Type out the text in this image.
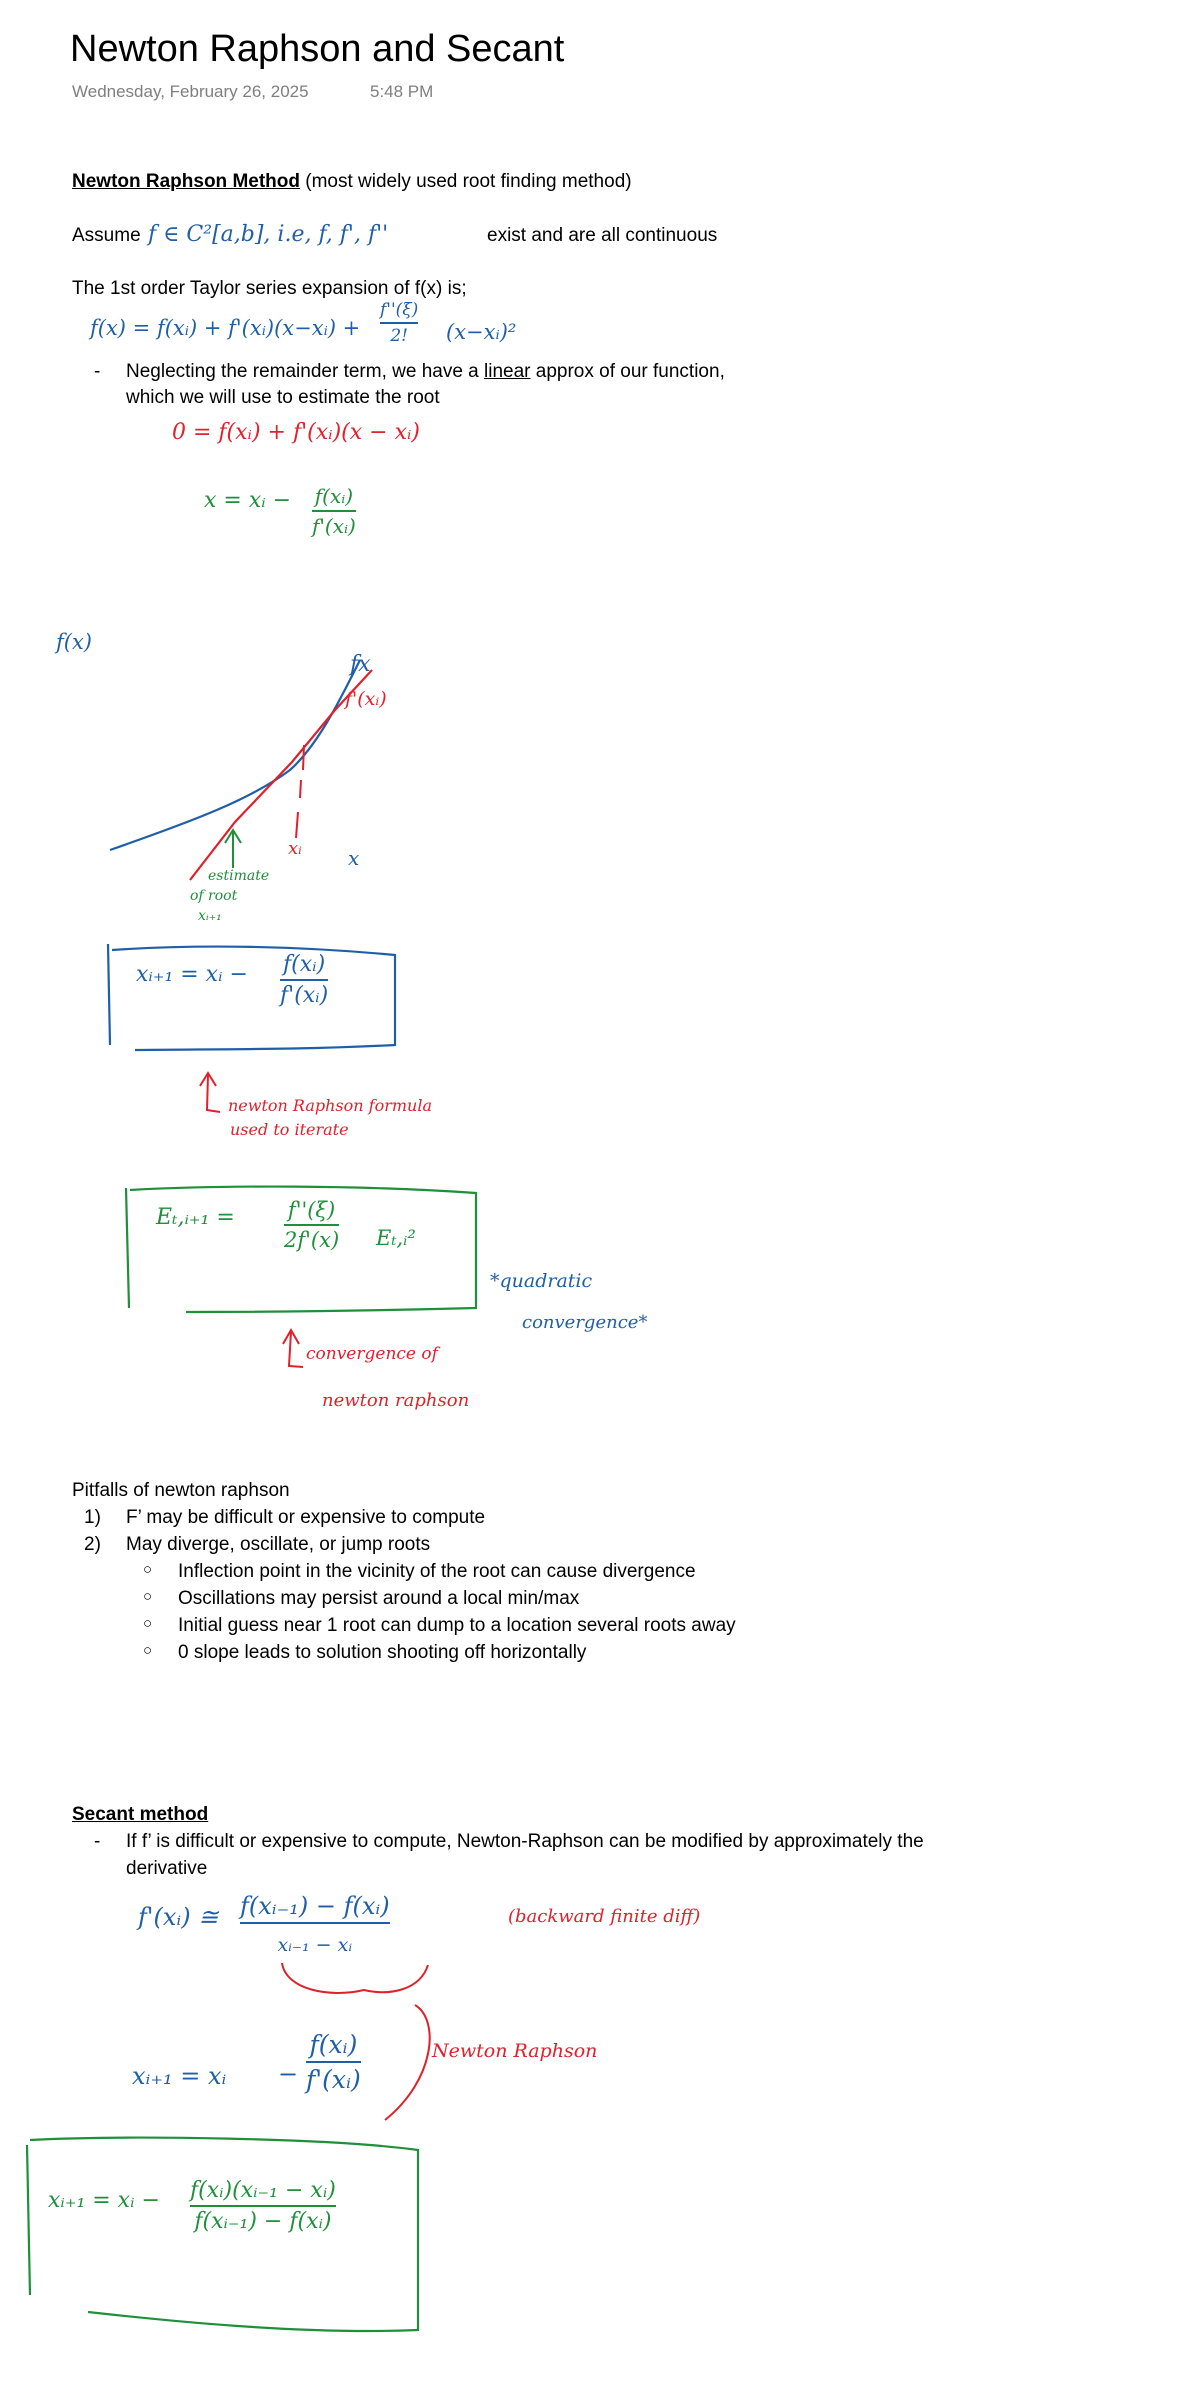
Newton Raphson and Secant
Wednesday, February 26, 2025	5:48 PM
Newton Raphson Method (most widely used root finding method)
Assume f ∈ C²[a,b], i.e, f, f', f''	exist and are all continuous
The 1st order Taylor series expansion of f(x) is;
f(x) = f(xᵢ) + f'(xᵢ)(x−xᵢ) +
f''(ξ)
2! (x−xᵢ)²
- Neglecting the remainder term, we have a linear approx of our function,
which we will use to estimate the root
0 = f(xᵢ) + f'(xᵢ)(x − xᵢ)
x = xᵢ − f(xᵢ)
f'(xᵢ)
f(x)
fx
f'(xᵢ)
xᵢ x
estimate
of root
xᵢ₊₁
xᵢ₊₁ = xᵢ − f(xᵢ)
f'(xᵢ)
newton Raphson formula
used to iterate
Eₜ,ᵢ₊₁ =	f''(ξ)
2f'(x) Eₜ,ᵢ²
*quadratic
convergence*
convergence of
newton raphson
Pitfalls of newton raphson
1) F’ may be difficult or expensive to compute
2) May diverge, oscillate, or jump roots
○ Inflection point in the vicinity of the root can cause divergence
○ Oscillations may persist around a local min/max
○ Initial guess near 1 root can dump to a location several roots away
○ 0 slope leads to solution shooting off horizontally
Secant method
- If f’ is difficult or expensive to compute, Newton-Raphson can be modified by approximately the
derivative
f'(xᵢ) ≅ f(xᵢ₋₁) − f(xᵢ)
xᵢ₋₁ − xᵢ
(backward finite diff)
xᵢ₊₁ = xᵢ −
f(xᵢ)
f'(xᵢ)
Newton Raphson
xᵢ₊₁ = xᵢ − f(xᵢ)(xᵢ₋₁ − xᵢ)
f(xᵢ₋₁) − f(xᵢ)
